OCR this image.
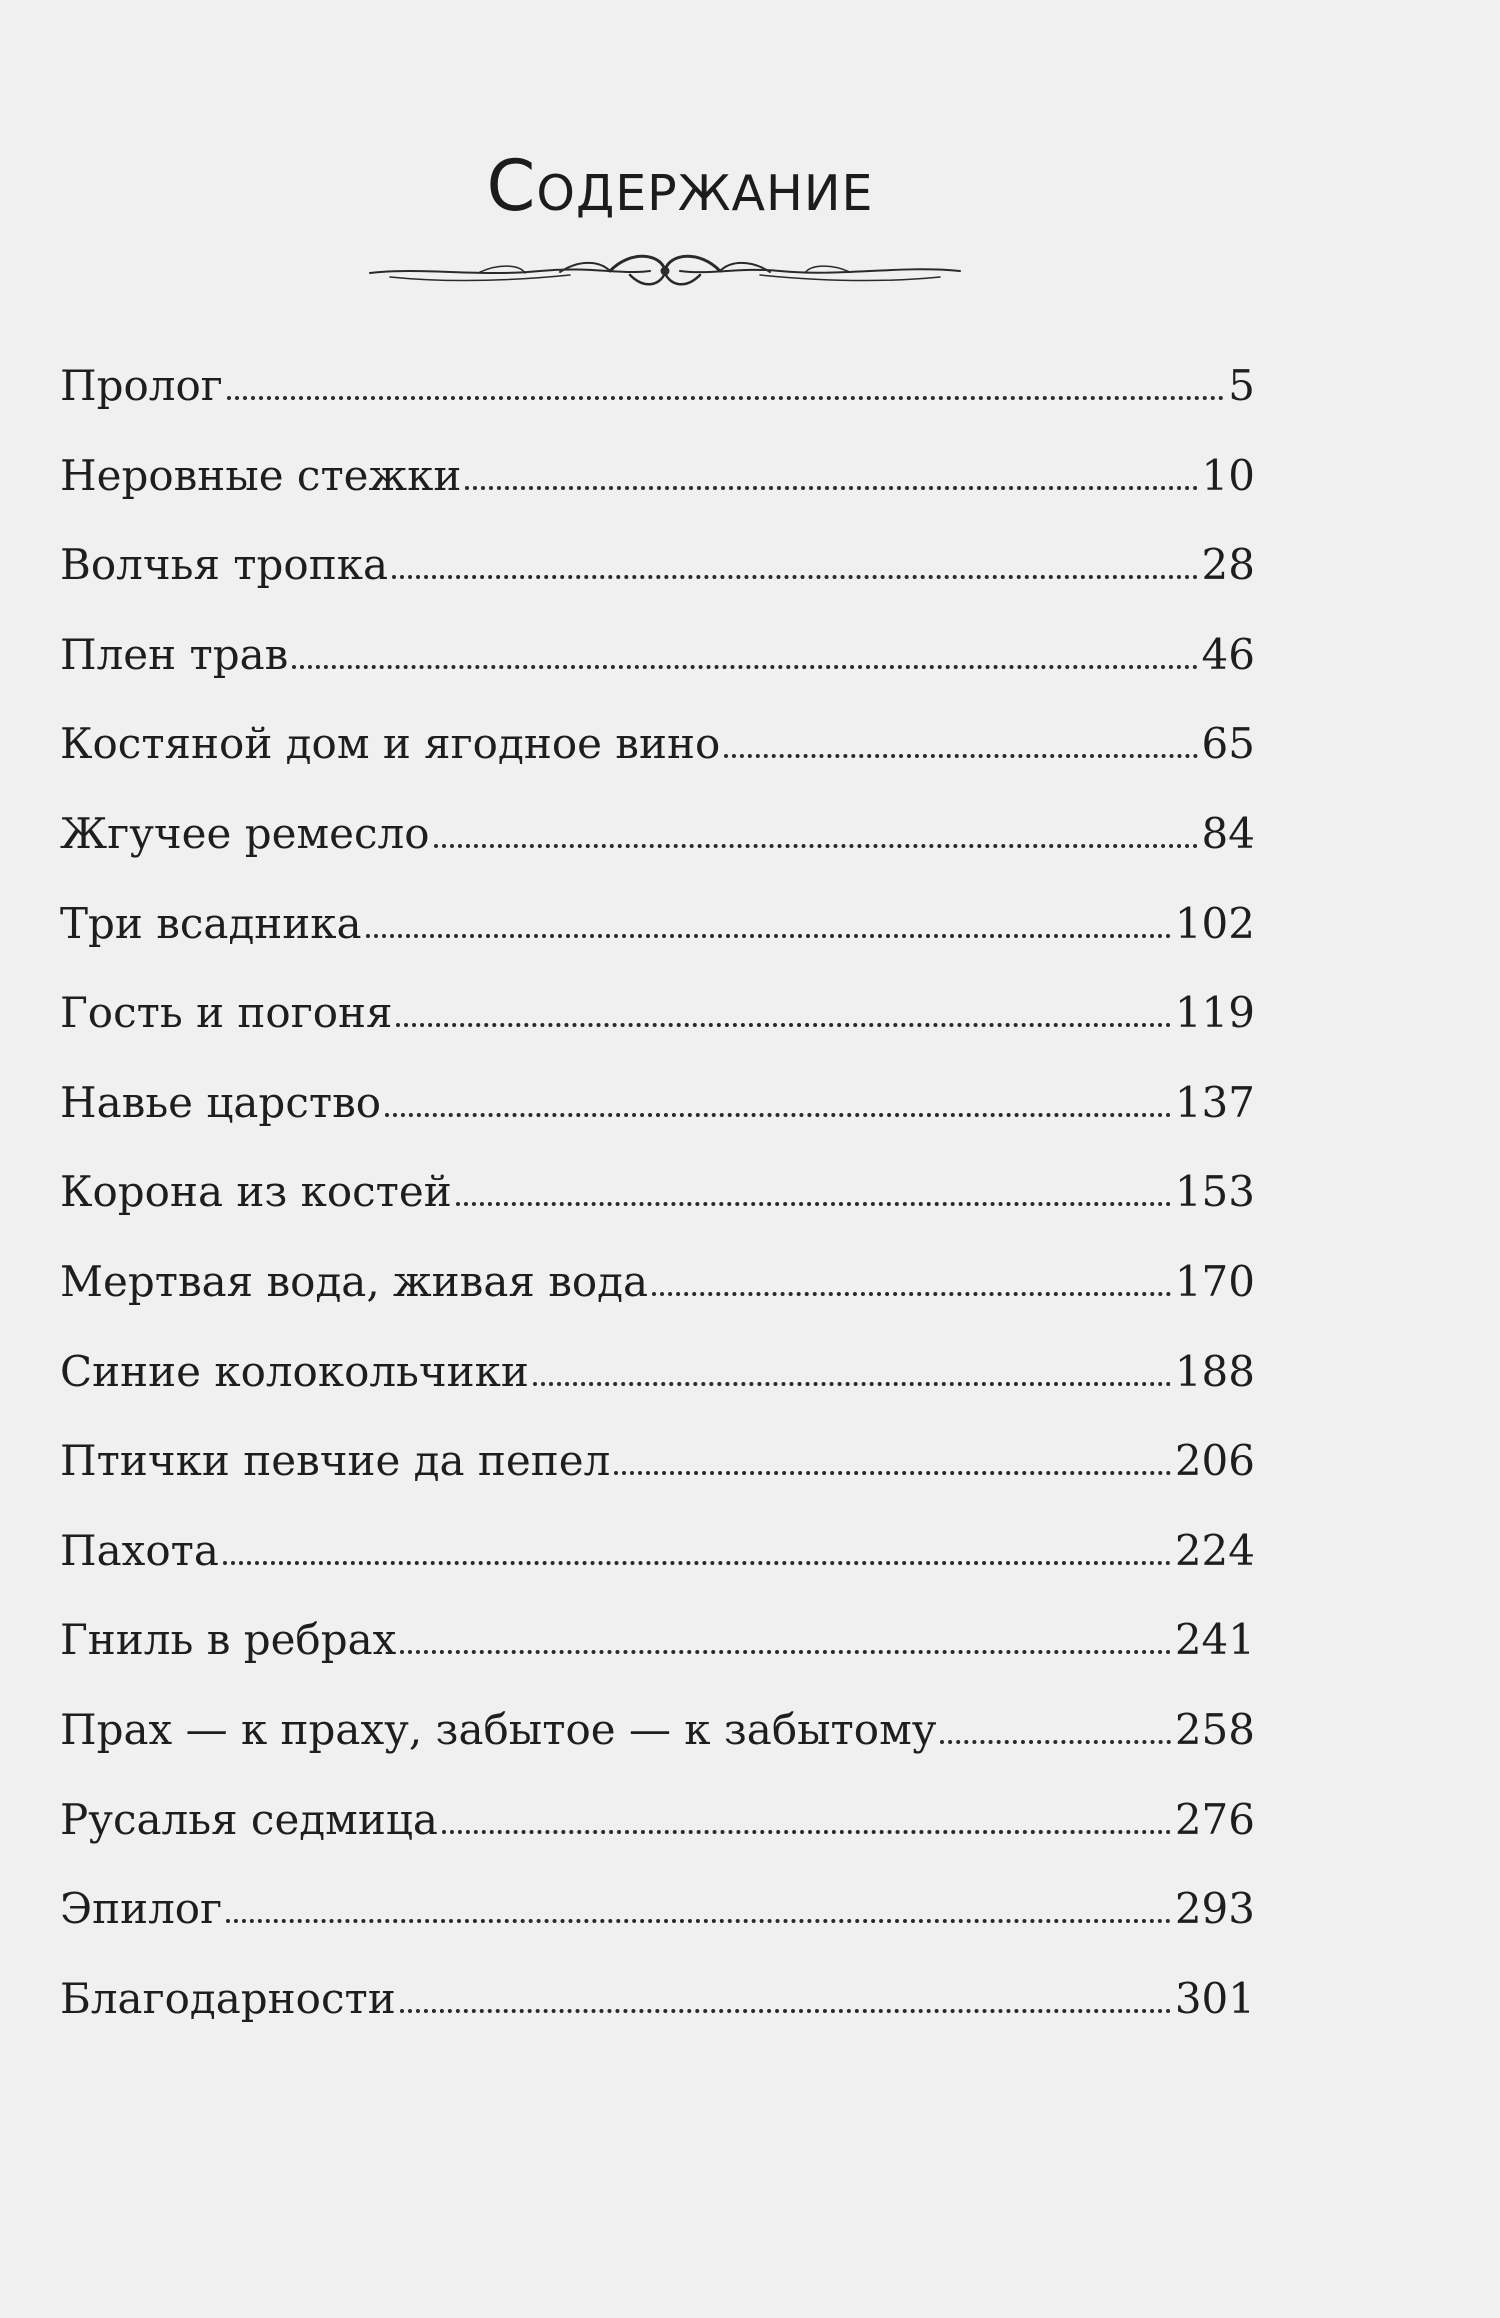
Содержание
Пролог	5
Неровные стежки	10
Волчья тропка	28
Плен трав	46
Костяной дом и ягодное вино	65
Жгучее ремесло	84
Три всадника	102
Гость и погоня	119
Навье царство	137
Корона из костей	153
Мертвая вода, живая вода	170
Синие колокольчики	188
Птички певчие да пепел	206
Пахота	224
Гниль в ребрах	241
Прах — к праху, забытое — к забытому	258
Русалья седмица	276
Эпилог	293
Благодарности	301
